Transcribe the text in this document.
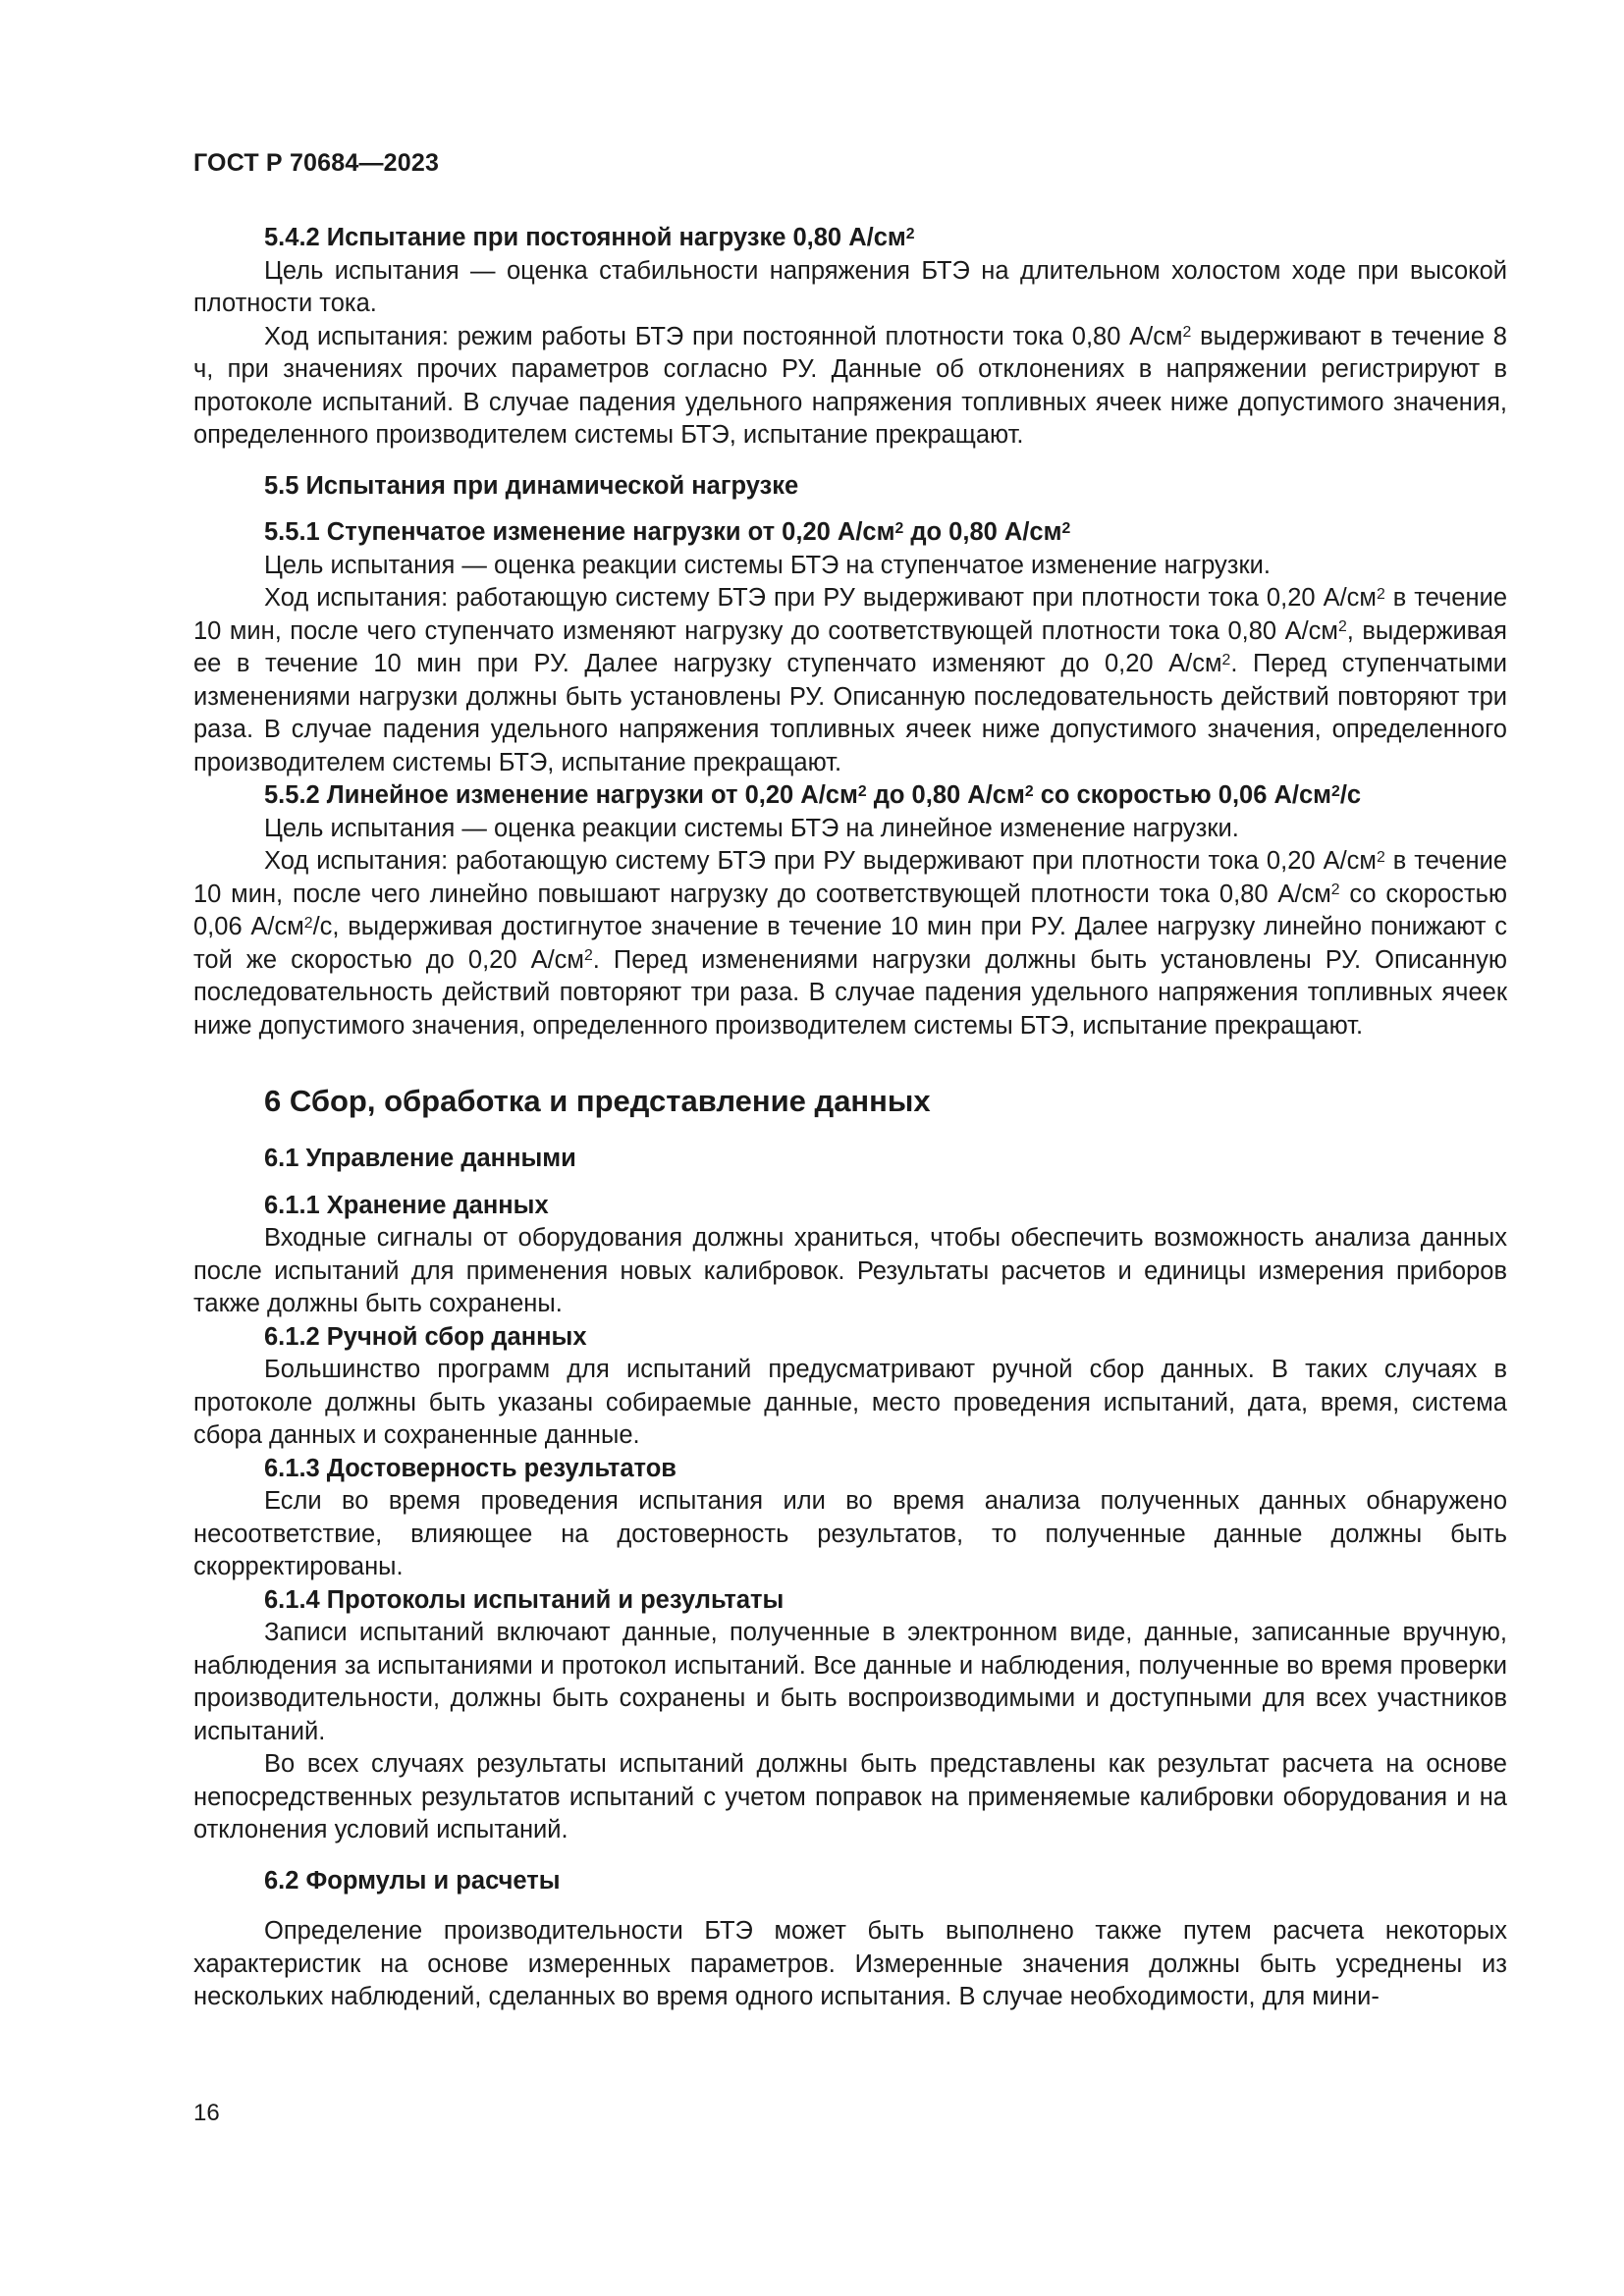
ГОСТ Р 70684—2023
5.4.2 Испытание при постоянной нагрузке 0,80 $А/см^2$

Цель испытания — оценка стабильности напряжения БТЭ на длительном холостом ходе при высокой плотности тока.

Ход испытания: режим работы БТЭ при постоянной плотности тока 0,80 $А/см^2$ выдерживают в течение 8 ч, при значениях прочих параметров согласно РУ. Данные об отклонениях в напряжении регистрируют в протоколе испытаний. В случае падения удельного напряжения топливных ячеек ниже допустимого значения, определенного производителем системы БТЭ, испытание прекращают.

5.5 Испытания при динамической нагрузке
5.5.1 Ступенчатое изменение нагрузки от 0,20 $А/см^2$ до 0,80 $А/см^2$

Цель испытания — оценка реакции системы БТЭ на ступенчатое изменение нагрузки.

Ход испытания: работающую систему БТЭ при РУ выдерживают при плотности тока 0,20 $А/см^2$ в течение 10 мин, после чего ступенчато изменяют нагрузку до соответствующей плотности тока 0,80 $А/см^2$, выдерживая ее в течение 10 мин при РУ. Далее нагрузку ступенчато изменяют до 0,20 $А/см^2$. Перед ступенчатыми изменениями нагрузки должны быть установлены РУ. Описанную последовательность действий повторяют три раза. В случае падения удельного напряжения топливных ячеек ниже допустимого значения, определенного производителем системы БТЭ, испытание прекращают.

5.5.2 Линейное изменение нагрузки от 0,20 $А/см^2$ до 0,80 $А/см^2$ со скоростью 0,06 $А/см^2/с$

Цель испытания — оценка реакции системы БТЭ на линейное изменение нагрузки.

Ход испытания: работающую систему БТЭ при РУ выдерживают при плотности тока 0,20 $А/см^2$ в течение 10 мин, после чего линейно повышают нагрузку до соответствующей плотности тока 0,80 $А/см^2$ со скоростью 0,06 $А/см^2/с$, выдерживая достигнутое значение в течение 10 мин при РУ. Далее нагрузку линейно понижают с той же скоростью до 0,20 $А/см^2$. Перед изменениями нагрузки должны быть установлены РУ. Описанную последовательность действий повторяют три раза. В случае падения удельного напряжения топливных ячеек ниже допустимого значения, определенного производителем системы БТЭ, испытание прекращают.

6 Сбор, обработка и представление данных
6.1 Управление данными
6.1.1 Хранение данных

Входные сигналы от оборудования должны храниться, чтобы обеспечить возможность анализа данных после испытаний для применения новых калибровок. Результаты расчетов и единицы измерения приборов также должны быть сохранены.

6.1.2 Ручной сбор данных

Большинство программ для испытаний предусматривают ручной сбор данных. В таких случаях в протоколе должны быть указаны собираемые данные, место проведения испытаний, дата, время, система сбора данных и сохраненные данные.

6.1.3 Достоверность результатов

Если во время проведения испытания или во время анализа полученных данных обнаружено несоответствие, влияющее на достоверность результатов, то полученные данные должны быть скорректированы.

6.1.4 Протоколы испытаний и результаты

Записи испытаний включают данные, полученные в электронном виде, данные, записанные вручную, наблюдения за испытаниями и протокол испытаний. Все данные и наблюдения, полученные во время проверки производительности, должны быть сохранены и быть воспроизводимыми и доступными для всех участников испытаний.

Во всех случаях результаты испытаний должны быть представлены как результат расчета на основе непосредственных результатов испытаний с учетом поправок на применяемые калибровки оборудования и на отклонения условий испытаний.

6.2 Формулы и расчеты

Определение производительности БТЭ может быть выполнено также путем расчета некоторых характеристик на основе измеренных параметров. Измеренные значения должны быть усреднены из нескольких наблюдений, сделанных во время одного испытания. В случае необходимости, для мини-

16
